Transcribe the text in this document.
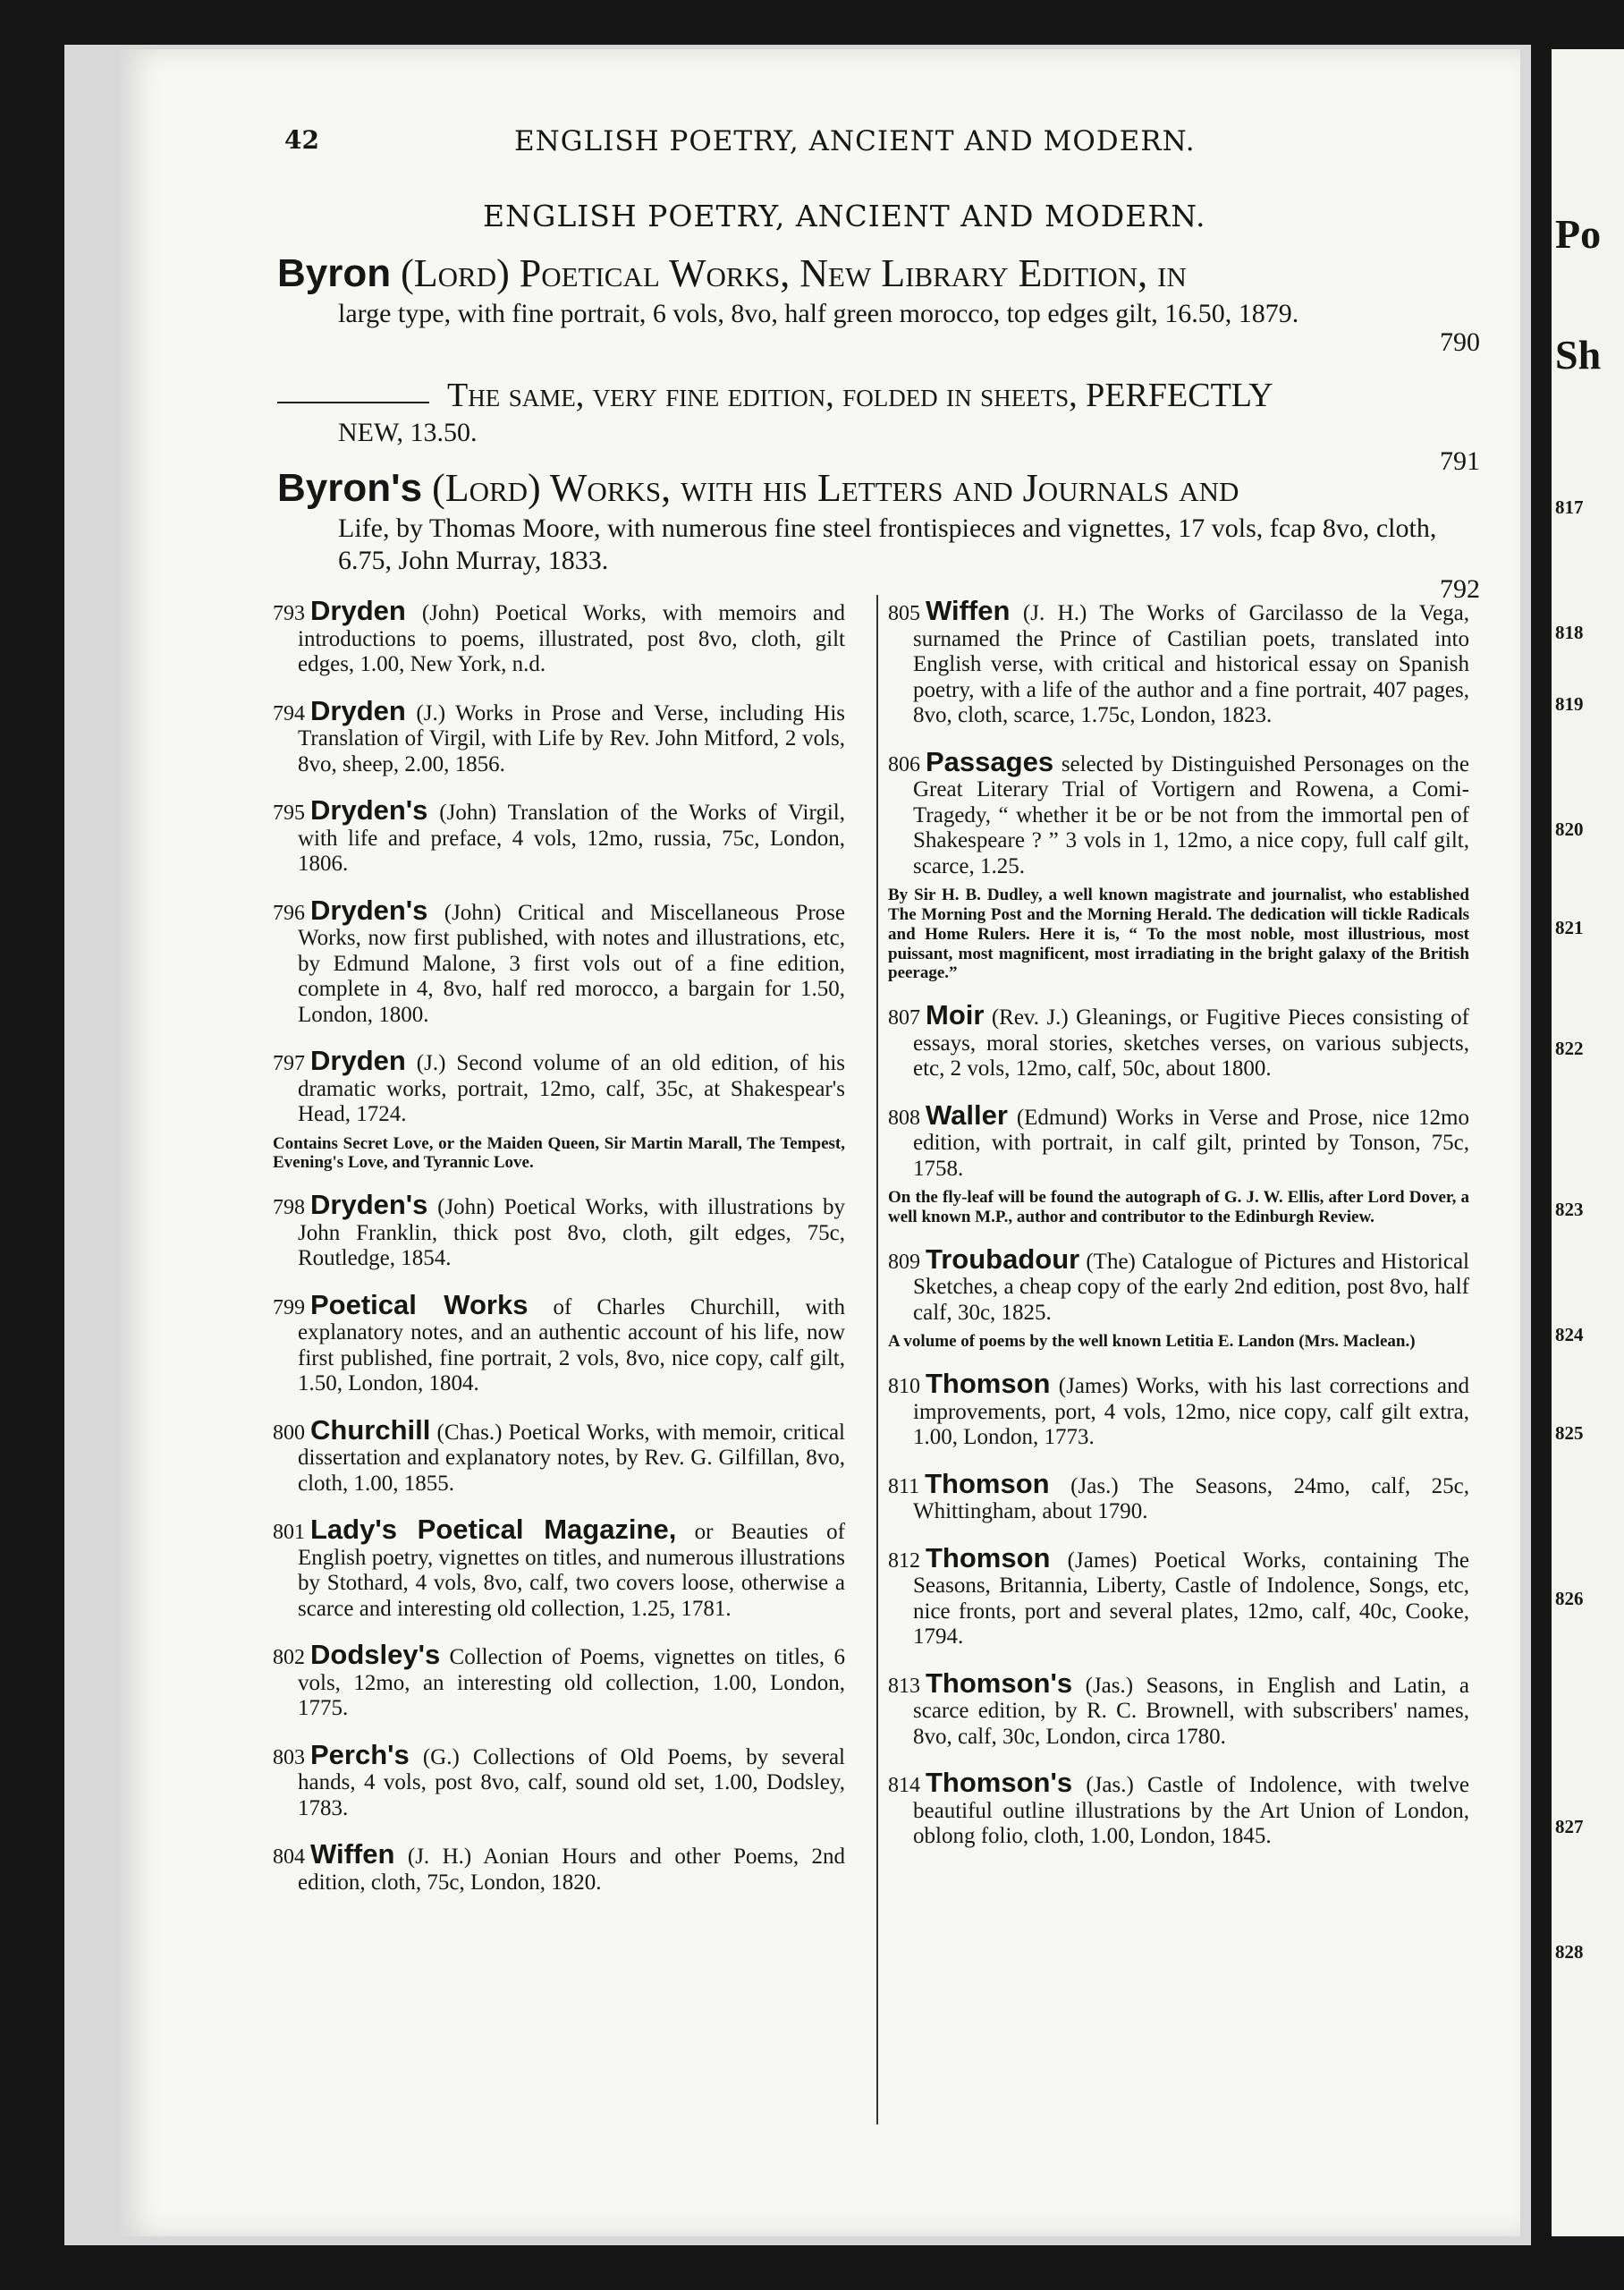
42	ENGLISH POETRY, ANCIENT AND MODERN.
ENGLISH POETRY, ANCIENT AND MODERN.
Byron (Lord) Poetical Works, New Library Edition, in
large type, with fine portrait, 6 vols, 8vo, half green morocco, top edges gilt, 16.50, 1879.
790
The same, very fine edition, folded in sheets, PERFECTLY
NEW, 13.50.
791
Byron's (Lord) Works, with his Letters and Journals and
Life, by Thomas Moore, with numerous fine steel frontispieces and vignettes, 17 vols, fcap 8vo, cloth, 6.75, John Murray, 1833.
792
793 Dryden (John) Poetical Works, with memoirs and introductions to poems, illustrated, post 8vo, cloth, gilt edges, 1.00, New York, n.d.
794 Dryden (J.) Works in Prose and Verse, including His Translation of Virgil, with Life by Rev. John Mitford, 2 vols, 8vo, sheep, 2.00, 1856.
795 Dryden's (John) Translation of the Works of Virgil, with life and preface, 4 vols, 12mo, russia, 75c, London, 1806.
796 Dryden's (John) Critical and Miscellaneous Prose Works, now first published, with notes and illustrations, etc, by Edmund Malone, 3 first vols out of a fine edition, complete in 4, 8vo, half red morocco, a bargain for 1.50, London, 1800.
797 Dryden (J.) Second volume of an old edition, of his dramatic works, portrait, 12mo, calf, 35c, at Shakespear's Head, 1724.
Contains Secret Love, or the Maiden Queen, Sir Martin Marall, The Tempest, Evening's Love, and Tyrannic Love.
798 Dryden's (John) Poetical Works, with illustrations by John Franklin, thick post 8vo, cloth, gilt edges, 75c, Routledge, 1854.
799 Poetical Works of Charles Churchill, with explanatory notes, and an authentic account of his life, now first published, fine portrait, 2 vols, 8vo, nice copy, calf gilt, 1.50, London, 1804.
800 Churchill (Chas.) Poetical Works, with memoir, critical dissertation and explanatory notes, by Rev. G. Gilfillan, 8vo, cloth, 1.00, 1855.
801 Lady's Poetical Magazine, or Beauties of English poetry, vignettes on titles, and numerous illustrations by Stothard, 4 vols, 8vo, calf, two covers loose, otherwise a scarce and interesting old collection, 1.25, 1781.
802 Dodsley's Collection of Poems, vignettes on titles, 6 vols, 12mo, an interesting old collection, 1.00, London, 1775.
803 Perch's (G.) Collections of Old Poems, by several hands, 4 vols, post 8vo, calf, sound old set, 1.00, Dodsley, 1783.
804 Wiffen (J. H.) Aonian Hours and other Poems, 2nd edition, cloth, 75c, London, 1820.
805 Wiffen (J. H.) The Works of Garcilasso de la Vega, surnamed the Prince of Castilian poets, translated into English verse, with critical and historical essay on Spanish poetry, with a life of the author and a fine portrait, 407 pages, 8vo, cloth, scarce, 1.75c, London, 1823.
806 Passages selected by Distinguished Personages on the Great Literary Trial of Vortigern and Rowena, a Comi-Tragedy, “ whether it be or be not from the immortal pen of Shakespeare ? ” 3 vols in 1, 12mo, a nice copy, full calf gilt, scarce, 1.25.
By Sir H. B. Dudley, a well known magistrate and journalist, who established The Morning Post and the Morning Herald. The dedication will tickle Radicals and Home Rulers. Here it is, “ To the most noble, most illustrious, most puissant, most magnificent, most irradiating in the bright galaxy of the British peerage.”
807 Moir (Rev. J.) Gleanings, or Fugitive Pieces consisting of essays, moral stories, sketches verses, on various subjects, etc, 2 vols, 12mo, calf, 50c, about 1800.
808 Waller (Edmund) Works in Verse and Prose, nice 12mo edition, with portrait, in calf gilt, printed by Tonson, 75c, 1758.
On the fly-leaf will be found the autograph of G. J. W. Ellis, after Lord Dover, a well known M.P., author and contributor to the Edinburgh Review.
809 Troubadour (The) Catalogue of Pictures and Historical Sketches, a cheap copy of the early 2nd edition, post 8vo, half calf, 30c, 1825.
A volume of poems by the well known Letitia E. Landon (Mrs. Maclean.)
810 Thomson (James) Works, with his last corrections and improvements, port, 4 vols, 12mo, nice copy, calf gilt extra, 1.00, London, 1773.
811 Thomson (Jas.) The Seasons, 24mo, calf, 25c, Whittingham, about 1790.
812 Thomson (James) Poetical Works, containing The Seasons, Britannia, Liberty, Castle of Indolence, Songs, etc, nice fronts, port and several plates, 12mo, calf, 40c, Cooke, 1794.
813 Thomson's (Jas.) Seasons, in English and Latin, a scarce edition, by R. C. Brownell, with subscribers' names, 8vo, calf, 30c, London, circa 1780.
814 Thomson's (Jas.) Castle of Indolence, with twelve beautiful outline illustrations by the Art Union of London, oblong folio, cloth, 1.00, London, 1845.
Po
Sh
817
818
819
820
821
822
823
824
825
826
827
828
